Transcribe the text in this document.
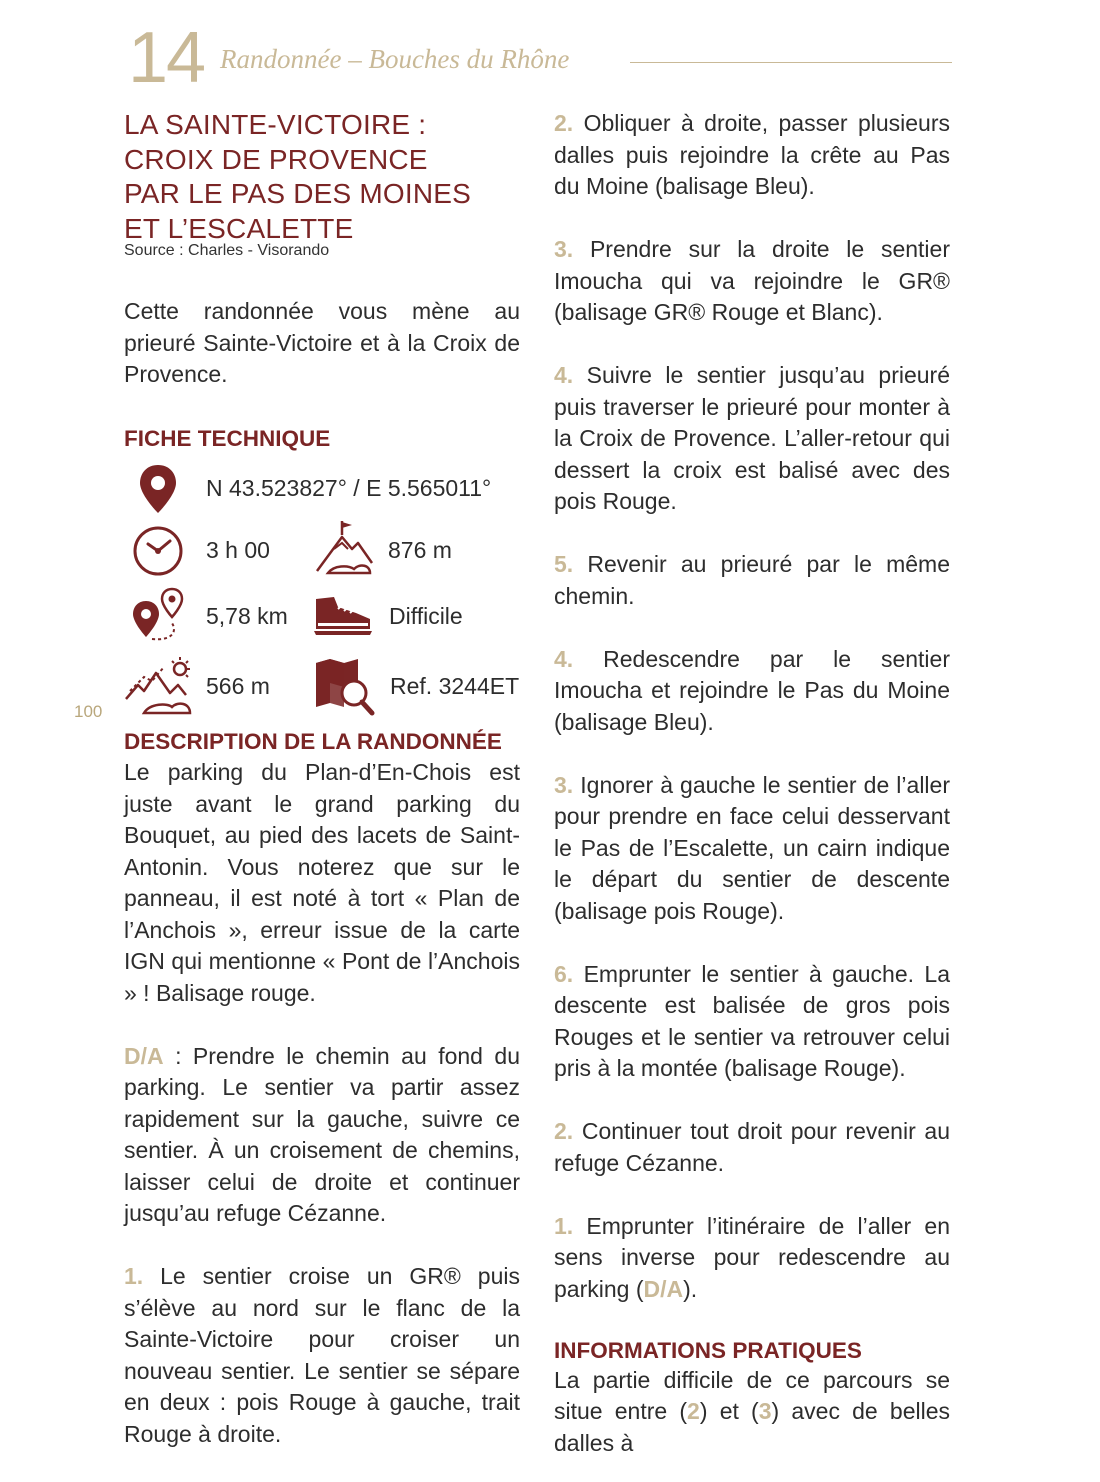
14 Randonnée – Bouches du Rhône
100
LA SAINTE-VICTOIRE :
CROIX DE PROVENCE
PAR LE PAS DES MOINES
ET L’ESCALETTE
Source : Charles - Visorando

Cette randonnée vous mène au prieuré Sainte-Victoire et à la Croix de Provence.

FICHE TECHNIQUE
N 43.523827° / E 5.565011°
3 h 00	876 m
5,78 km	Difficile
566 m	Ref. 3244ET
DESCRIPTION DE LA RANDONNÉE

Le parking du Plan-d’En-Chois est juste avant le grand parking du Bouquet, au pied des lacets de Saint-Antonin. Vous noterez que sur le panneau, il est noté à tort « Plan de l’Anchois », erreur issue de la carte IGN qui mentionne « Pont de l’Anchois » ! Balisage rouge.

D/A : Prendre le chemin au fond du parking. Le sentier va partir assez rapidement sur la gauche, suivre ce sentier. À un croisement de chemins, laisser celui de droite et continuer jusqu’au refuge Cézanne.

1. Le sentier croise un GR® puis s’élève au nord sur le flanc de la Sainte-Victoire pour croiser un nouveau sentier. Le sentier se sépare en deux : pois Rouge à gauche, trait Rouge à droite.

2. Obliquer à droite, passer plusieurs dalles puis rejoindre la crête au Pas du Moine (balisage Bleu).

3. Prendre sur la droite le sentier Imoucha qui va rejoindre le GR® (balisage GR® Rouge et Blanc).

4. Suivre le sentier jusqu’au prieuré puis traverser le prieuré pour monter à la Croix de Provence. L’aller-retour qui dessert la croix est balisé avec des pois Rouge.

5. Revenir au prieuré par le même chemin.

4. Redescendre par le sentier Imoucha et rejoindre le Pas du Moine (balisage Bleu).

3. Ignorer à gauche le sentier de l’aller pour prendre en face celui desservant le Pas de l’Escalette, un cairn indique le départ du sentier de descente (balisage pois Rouge).

6. Emprunter le sentier à gauche. La descente est balisée de gros pois Rouges et le sentier va retrouver celui pris à la montée (balisage Rouge).

2. Continuer tout droit pour revenir au refuge Cézanne.

1. Emprunter l’itinéraire de l’aller en sens inverse pour redescendre au parking (D/A).

INFORMATIONS PRATIQUES

La partie difficile de ce parcours se situe entre (2) et (3) avec de belles dalles à
